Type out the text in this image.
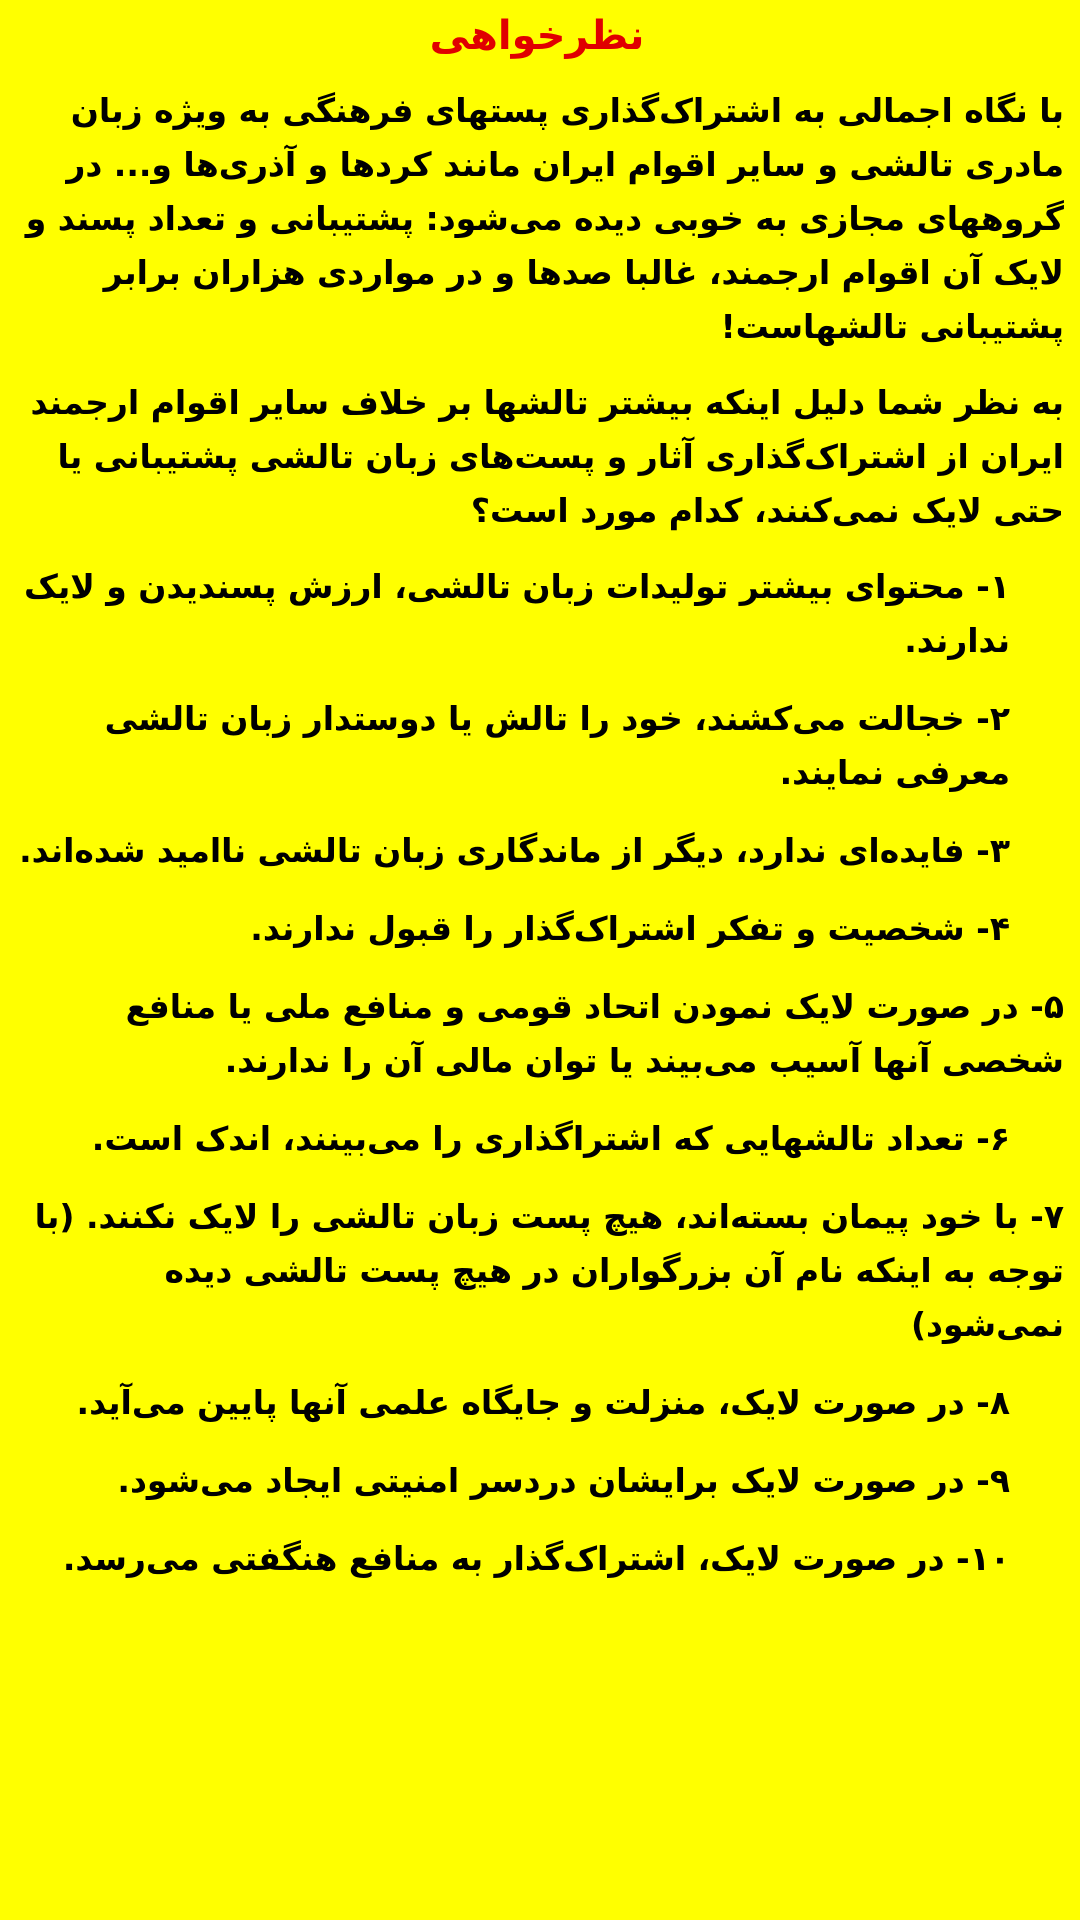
نظرخواهی
با نگاه اجمالی به اشتراک‌گذاری پستهای فرهنگی به ویژه زبان مادری تالشی و سایر اقوام ایران مانند کردها و آذری‌ها و... در گروههای مجازی به خوبی دیده می‌شود: پشتیبانی و تعداد پسند و لایک آن اقوام ارجمند، غالبا صدها و در مواردی هزاران برابر پشتیبانی تالشهاست!
به نظر شما دلیل اینکه بیشتر تالشها بر خلاف سایر اقوام ارجمند ایران از اشتراک‌گذاری آثار و پست‌های زبان تالشی پشتیبانی یا حتی لایک نمی‌کنند، کدام مورد است؟
۱- محتوای بیشتر تولیدات زبان تالشی، ارزش پسندیدن و لایک ندارند.
۲- خجالت می‌کشند، خود را تالش یا دوستدار زبان تالشی معرفی نمایند.
۳- فایده‌ای ندارد، دیگر از ماندگاری زبان تالشی ناامید شده‌اند.
۴- شخصیت و تفکر اشتراک‌گذار را قبول ندارند.
۵- در صورت لایک نمودن اتحاد قومی و منافع ملی یا منافع شخصی آنها آسیب می‌بیند یا توان مالی آن را ندارند.
۶- تعداد تالشهایی که اشتراگذاری را می‌بینند، اندک است.
۷- با خود پیمان بسته‌اند، هیچ پست زبان تالشی را لایک نکنند. (با توجه به اینکه نام آن بزرگواران در هیچ پست تالشی دیده نمی‌شود)
۸- در صورت لایک، منزلت و جایگاه علمی آنها پایین می‌آید.
۹- در صورت لایک برایشان دردسر امنیتی ایجاد می‌شود.
۱۰- در صورت لایک، اشتراک‌گذار به منافع هنگفتی می‌رسد.
